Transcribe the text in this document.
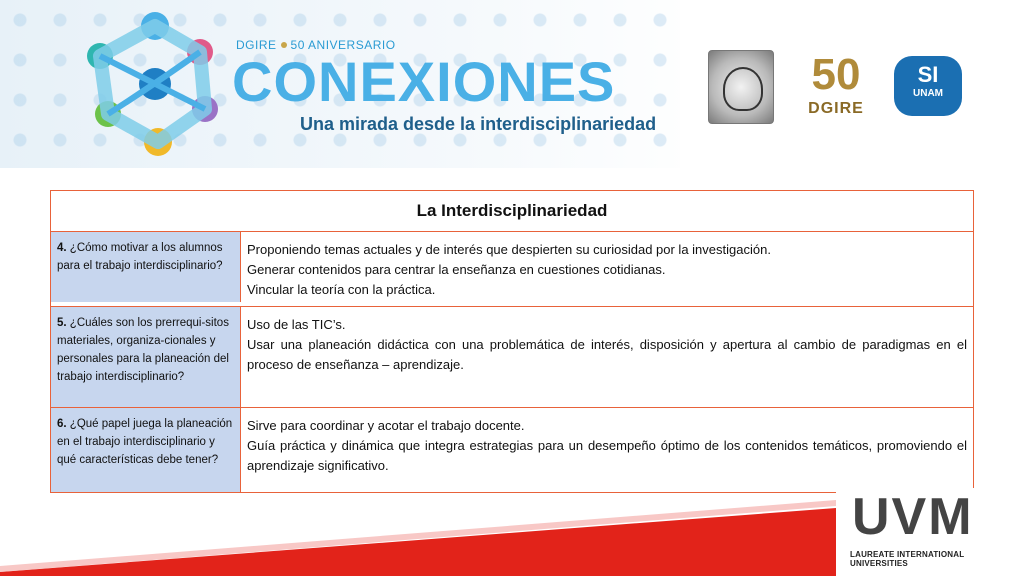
DGIRE 50 ANIVERSARIO
CONEXIONES
Una mirada desde la interdisciplinariedad
50
DGIRE
SI
UNAM
La Interdisciplinariedad
4. ¿Cómo motivar a los alumnos para el trabajo interdisciplinario?

Proponiendo temas actuales y de interés que despierten su curiosidad por la investigación.

Generar contenidos para centrar la enseñanza en cuestiones cotidianas.

Vincular la teoría con la práctica.

5. ¿Cuáles son los prerrequi-sitos materiales, organiza-cionales y personales para la planeación del trabajo interdisciplinario?

Uso de las TIC’s.

Usar una planeación didáctica con una problemática de interés, disposición y apertura al cambio de paradigmas en el proceso de enseñanza – aprendizaje.

6. ¿Qué papel juega la planeación en el trabajo interdisciplinario y qué características debe tener?

Sirve para coordinar y acotar el trabajo docente.

Guía práctica y dinámica que integra estrategias para un desempeño óptimo de los contenidos temáticos, promoviendo el aprendizaje significativo.

UVM
LAUREATE INTERNATIONAL UNIVERSITIES
